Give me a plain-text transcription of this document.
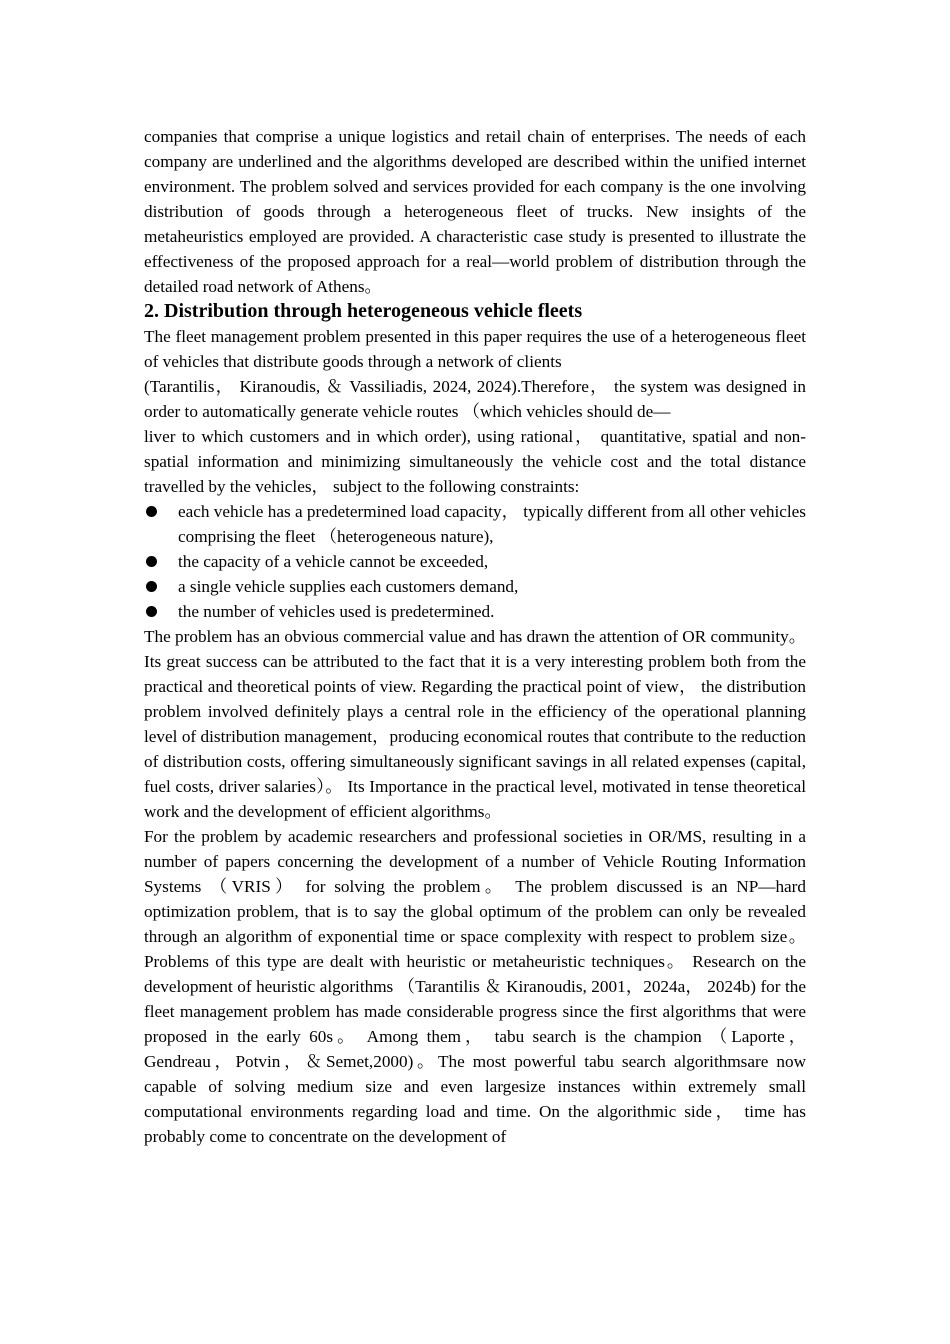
companies that comprise a unique logistics and retail chain of enterprises. The needs of each company are underlined and the algorithms developed are described within the unified internet environment. The problem solved and services provided for each company is the one involving distribution of goods through a heterogeneous fleet of trucks. New insights of the metaheuristics employed are provided. A characteristic case study is presented to illustrate the effectiveness of the proposed approach for a real—world problem of distribution through the detailed road network of Athens。

2. Distribution through heterogeneous vehicle fleets

The fleet management problem presented in this paper requires the use of a heterogeneous fleet of vehicles that distribute goods through a network of clients
(Tarantilis， Kiranoudis, ＆ Vassiliadis, 2024, 2024).Therefore， the system was designed in order to automatically generate vehicle routes （which vehicles should de—
liver to which customers and in which order), using rational， quantitative, spatial and non-spatial information and minimizing simultaneously the vehicle cost and the total distance travelled by the vehicles， subject to the following constraints:

each vehicle has a predetermined load capacity， typically different from all other vehicles comprising the fleet （heterogeneous nature),
the capacity of a vehicle cannot be exceeded,
a single vehicle supplies each customers demand,
the number of vehicles used is predetermined.

The problem has an obvious commercial value and has drawn the attention of OR community。 Its great success can be attributed to the fact that it is a very interesting problem both from the practical and theoretical points of view. Regarding the practical point of view， the distribution problem involved definitely plays a central role in the efficiency of the operational planning level of distribution management，producing economical routes that contribute to the reduction of distribution costs, offering simultaneously significant savings in all related expenses (capital, fuel costs, driver salaries）。 Its Importance in the practical level, motivated in tense theoretical work and the development of efficient algorithms。

For the problem by academic researchers and professional societies in OR/MS, resulting in a number of papers concerning the development of a number of Vehicle Routing Information Systems （VRIS） for solving the problem。 The problem discussed is an NP—hard optimization problem, that is to say the global optimum of the problem can only be revealed through an algorithm of exponential time or space complexity with respect to problem size。 Problems of this type are dealt with heuristic or metaheuristic techniques。 Research on the development of heuristic algorithms （Tarantilis ＆ Kiranoudis, 2001，2024a， 2024b) for the fleet management problem has made considerable progress since the first algorithms that were proposed in the early 60s。 Among them， tabu search is the champion （Laporte，Gendreau，Potvin，＆Semet,2000)。The most powerful tabu search algorithmsare now capable of solving medium size and even largesize instances within extremely small computational environments regarding load and time. On the algorithmic side， time has probably come to concentrate on the development of
